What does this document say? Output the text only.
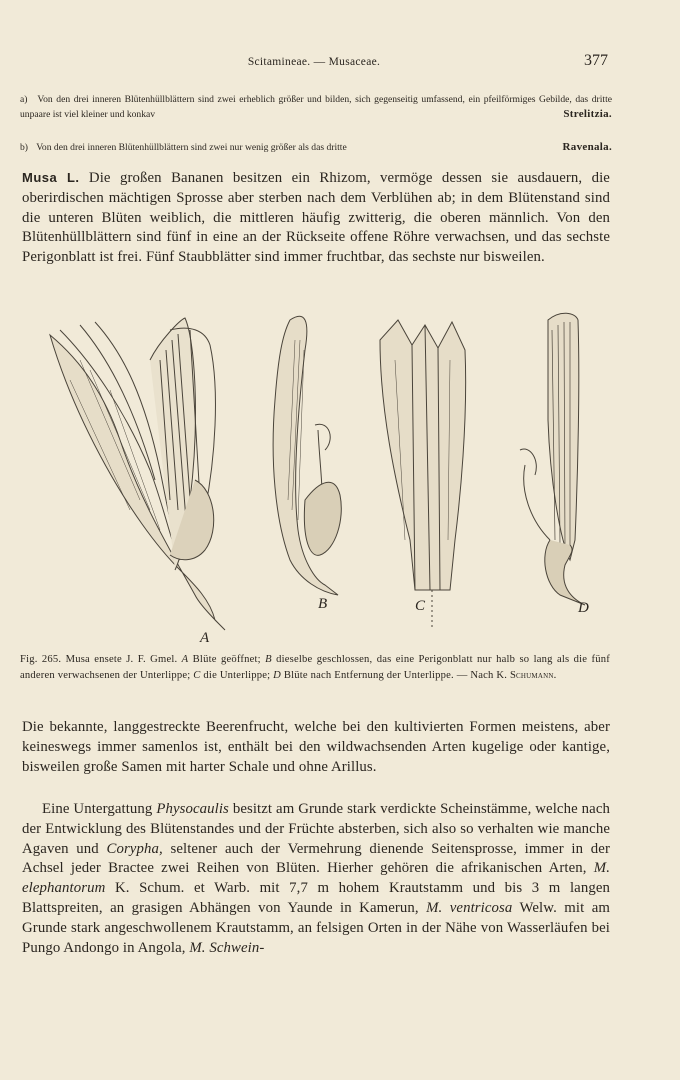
Scitamineae. — Musaceae.	377
a) Von den drei inneren Blütenhüllblättern sind zwei erheblich größer und bilden, sich gegenseitig umfassend, ein pfeilförmiges Gebilde, das dritte unpaare ist viel kleiner und konkav	Strelitzia.
b) Von den drei inneren Blütenhüllblättern sind zwei nur wenig größer als das dritte	Ravenala.
Musa L. Die großen Bananen besitzen ein Rhizom, vermöge dessen sie ausdauern, die oberirdischen mächtigen Sprosse aber sterben nach dem Verblühen ab; in dem Blütenstand sind die unteren Blüten weiblich, die mittleren häufig zwitterig, die oberen männlich. Von den Blütenhüllblättern sind fünf in eine an der Rückseite offene Röhre verwachsen, und das sechste Perigonblatt ist frei. Fünf Staubblätter sind immer fruchtbar, das sechste nur bisweilen.
A
B	C	D
Fig. 265. Musa ensete J. F. Gmel. A Blüte geöffnet; B dieselbe geschlossen, das eine Perigonblatt nur halb so lang als die fünf anderen verwachsenen der Unterlippe; C die Unterlippe; D Blüte nach Entfernung der Unterlippe. — Nach K. Schumann.
Die bekannte, langgestreckte Beerenfrucht, welche bei den kultivierten Formen meistens, aber keineswegs immer samenlos ist, enthält bei den wildwachsenden Arten kugelige oder kantige, bisweilen große Samen mit harter Schale und ohne Arillus.
Eine Untergattung Physocaulis besitzt am Grunde stark verdickte Scheinstämme, welche nach der Entwicklung des Blütenstandes und der Früchte absterben, sich also so verhalten wie manche Agaven und Corypha, seltener auch der Vermehrung dienende Seitensprosse, immer in der Achsel jeder Bractee zwei Reihen von Blüten. Hierher gehören die afrikanischen Arten, M. elephantorum K. Schum. et Warb. mit 7,7 m hohem Krautstamm und bis 3 m langen Blattspreiten, an grasigen Abhängen von Yaunde in Kamerun, M. ventricosa Welw. mit am Grunde stark angeschwollenem Krautstamm, an felsigen Orten in der Nähe von Wasserläufen bei Pungo Andongo in Angola, M. Schwein-
